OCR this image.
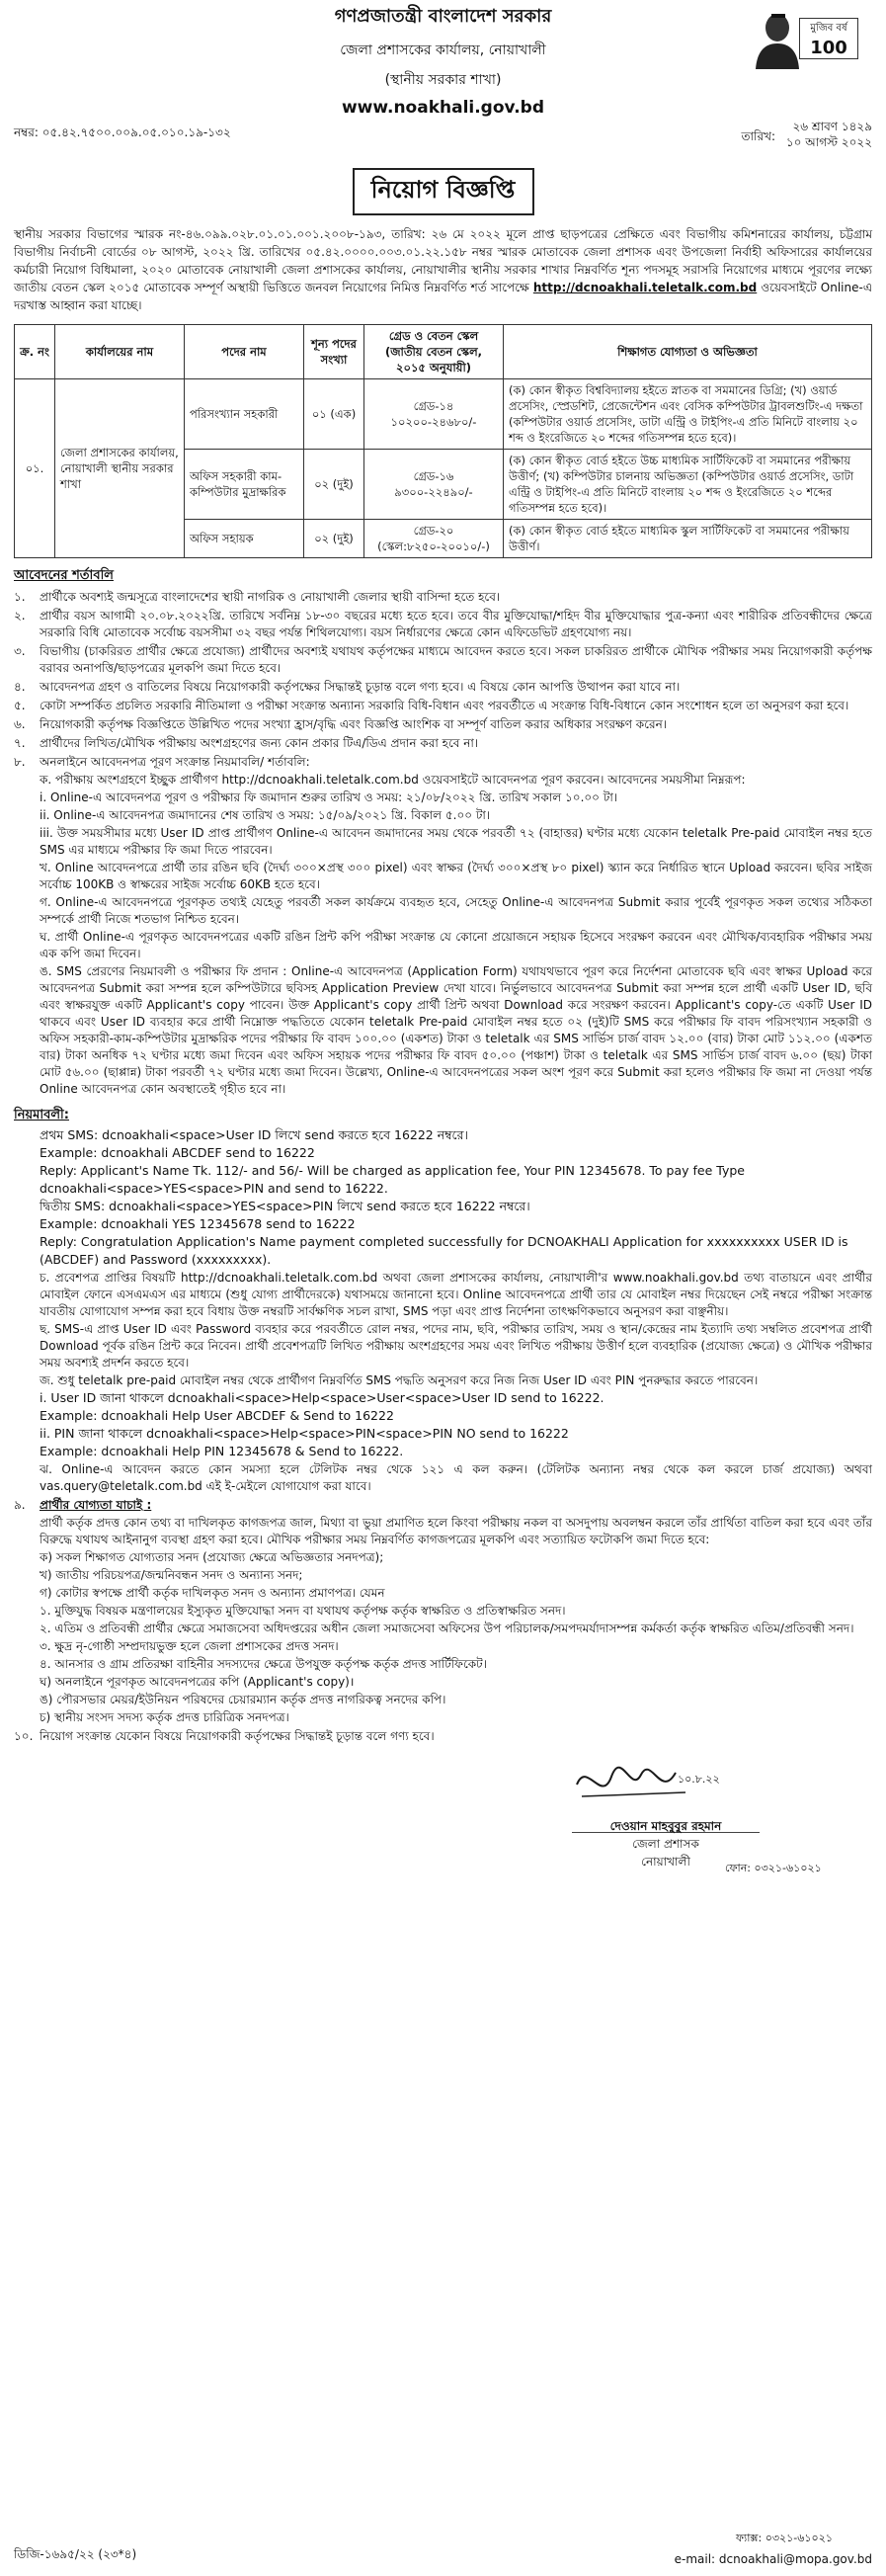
গণপ্রজাতন্ত্রী বাংলাদেশ সরকার
জেলা প্রশাসকের কার্যালয়, নোয়াখালী
(স্থানীয় সরকার শাখা)
www.noakhali.gov.bd
মুজিব বর্ষ
100
নম্বর: ০৫.৪২.৭৫০০.০০৯.০৫.০১০.১৯-১৩২	তারিখ:
২৬ শ্রাবণ ১৪২৯
১০ আগস্ট ২০২২
নিয়োগ বিজ্ঞপ্তি
স্থানীয় সরকার বিভাগের স্মারক নং-৪৬.০৯৯.০২৮.০১.০১.০০১.২০০৮-১৯৩, তারিখ: ২৬ মে ২০২২ মূলে প্রাপ্ত ছাড়পত্রের প্রেক্ষিতে এবং বিভাগীয় কমিশনারের কার্যালয়, চট্টগ্রাম বিভাগীয় নির্বাচনী বোর্ডের ০৮ আগস্ট, ২০২২ খ্রি. তারিখের ০৫.৪২.০০০০.০০৩.০১.২২.১৫৮ নম্বর স্মারক মোতাবেক জেলা প্রশাসক এবং উপজেলা নির্বাহী অফিসারের কার্যালয়ের কর্মচারী নিয়োগ বিধিমালা, ২০২০ মোতাবেক নোয়াখালী জেলা প্রশাসকের কার্যালয়, নোয়াখালীর স্থানীয় সরকার শাখার নিম্নবর্ণিত শূন্য পদসমূহ সরাসরি নিয়োগের মাধ্যমে পূরণের লক্ষ্যে জাতীয় বেতন স্কেল ২০১৫ মোতাবেক সম্পূর্ণ অস্থায়ী ভিত্তিতে জনবল নিয়োগের নিমিত্ত নিম্নবর্ণিত শর্ত সাপেক্ষে http://dcnoakhali.teletalk.com.bd ওয়েবসাইটে Online-এ দরখাস্ত আহ্বান করা যাচ্ছে।
ক্র. নং	কার্যালয়ের নাম	পদের নাম	শূন্য পদের সংখ্যা	গ্রেড ও বেতন স্কেল (জাতীয় বেতন স্কেল, ২০১৫ অনুযায়ী)	শিক্ষাগত যোগ্যতা ও অভিজ্ঞতা
০১.	জেলা প্রশাসকের কার্যালয়, নোয়াখালী স্থানীয় সরকার শাখা	পরিসংখ্যান সহকারী	০১ (এক)	গ্রেড-১৪
১০২০০-২৪৬৮০/-	(ক) কোন স্বীকৃত বিশ্ববিদ্যালয় হইতে স্নাতক বা সমমানের ডিগ্রি; (খ) ওয়ার্ড প্রসেসিং, স্প্রেডশিট, প্রেজেন্টেশন এবং বেসিক কম্পিউটার ট্রাবলশুটিং-এ দক্ষতা (কম্পিউটার ওয়ার্ড প্রসেসিং, ডাটা এন্ট্রি ও টাইপিং-এ প্রতি মিনিটে বাংলায় ২০ শব্দ ও ইংরেজিতে ২০ শব্দের গতিসম্পন্ন হতে হবে)।
		অফিস সহকারী কাম-কম্পিউটার মুদ্রাক্ষরিক	০২ (দুই)	গ্রেড-১৬
৯৩০০-২২৪৯০/-	(ক) কোন স্বীকৃত বোর্ড হইতে উচ্চ মাধ্যমিক সার্টিফিকেট বা সমমানের পরীক্ষায় উত্তীর্ণ; (খ) কম্পিউটার চালনায় অভিজ্ঞতা (কম্পিউটার ওয়ার্ড প্রসেসিং, ডাটা এন্ট্রি ও টাইপিং-এ প্রতি মিনিটে বাংলায় ২০ শব্দ ও ইংরেজিতে ২০ শব্দের গতিসম্পন্ন হতে হবে)।
		অফিস সহায়ক	০২ (দুই)	গ্রেড-২০
(স্কেল:৮২৫০-২০০১০/-)	(ক) কোন স্বীকৃত বোর্ড হইতে মাধ্যমিক স্কুল সার্টিফিকেট বা সমমানের পরীক্ষায় উত্তীর্ণ।
আবেদনের শর্তাবলি
১.	প্রার্থীকে অবশ্যই জন্মসূত্রে বাংলাদেশের স্থায়ী নাগরিক ও নোয়াখালী জেলার স্থায়ী বাসিন্দা হতে হবে।
২.	প্রার্থীর বয়স আগামী ২০.০৮.২০২২খ্রি. তারিখে সর্বনিম্ন ১৮-৩০ বছরের মধ্যে হতে হবে। তবে বীর মুক্তিযোদ্ধা/শহিদ বীর মুক্তিযোদ্ধার পুত্র-কন্যা এবং শারীরিক প্রতিবন্ধীদের ক্ষেত্রে সরকারি বিধি মোতাবেক সর্বোচ্চ বয়সসীমা ৩২ বছর পর্যন্ত শিথিলযোগ্য। বয়স নির্ধারণের ক্ষেত্রে কোন এফিডেভিট গ্রহণযোগ্য নয়।
৩.	বিভাগীয় (চাকরিরত প্রার্থীর ক্ষেত্রে প্রযোজ্য) প্রার্থীদের অবশ্যই যথাযথ কর্তৃপক্ষের মাধ্যমে আবেদন করতে হবে। সকল চাকরিরত প্রার্থীকে মৌখিক পরীক্ষার সময় নিয়োগকারী কর্তৃপক্ষ বরাবর অনাপত্তি/ছাড়পত্রের মূলকপি জমা দিতে হবে।
৪.	আবেদনপত্র গ্রহণ ও বাতিলের বিষয়ে নিয়োগকারী কর্তৃপক্ষের সিদ্ধান্তই চূড়ান্ত বলে গণ্য হবে। এ বিষয়ে কোন আপত্তি উত্থাপন করা যাবে না।
৫.	কোটা সম্পর্কিত প্রচলিত সরকারি নীতিমালা ও পরীক্ষা সংক্রান্ত অন্যান্য সরকারি বিধি-বিধান এবং পরবর্তীতে এ সংক্রান্ত বিধি-বিধানে কোন সংশোধন হলে তা অনুসরণ করা হবে।
৬.	নিয়োগকারী কর্তৃপক্ষ বিজ্ঞপ্তিতে উল্লিখিত পদের সংখ্যা হ্রাস/বৃদ্ধি এবং বিজ্ঞপ্তি আংশিক বা সম্পূর্ণ বাতিল করার অধিকার সংরক্ষণ করেন।
৭.	প্রার্থীদের লিখিত/মৌখিক পরীক্ষায় অংশগ্রহণের জন্য কোন প্রকার টিএ/ডিএ প্রদান করা হবে না।
৮.	অনলাইনে আবেদনপত্র পূরণ সংক্রান্ত নিয়মাবলি/ শর্তাবলি:
ক. পরীক্ষায় অংশগ্রহণে ইচ্ছুক প্রার্থীগণ http://dcnoakhali.teletalk.com.bd ওয়েবসাইটে আবেদনপত্র পূরণ করবেন। আবেদনের সময়সীমা নিম্নরূপ:
i. Online-এ আবেদনপত্র পূরণ ও পরীক্ষার ফি জমাদান শুরুর তারিখ ও সময়: ২১/০৮/২০২২ খ্রি. তারিখ সকাল ১০.০০ টা।
ii. Online-এ আবেদনপত্র জমাদানের শেষ তারিখ ও সময়: ১৫/০৯/২০২১ খ্রি. বিকাল ৫.০০ টা।
iii. উক্ত সময়সীমার মধ্যে User ID প্রাপ্ত প্রার্থীগণ Online-এ আবেদন জমাদানের সময় থেকে পরবর্তী ৭২ (বাহাত্তর) ঘণ্টার মধ্যে যেকোন teletalk Pre-paid মোবাইল নম্বর হতে SMS এর মাধ্যমে পরীক্ষার ফি জমা দিতে পারবেন।
খ. Online আবেদনপত্রে প্রার্থী তার রঙিন ছবি (দৈর্ঘ্য ৩০০×প্রস্থ ৩০০ pixel) এবং স্বাক্ষর (দৈর্ঘ্য ৩০০×প্রস্থ ৮০ pixel) স্ক্যান করে নির্ধারিত স্থানে Upload করবেন। ছবির সাইজ সর্বোচ্চ 100KB ও স্বাক্ষরের সাইজ সর্বোচ্চ 60KB হতে হবে।
গ. Online-এ আবেদনপত্রে পূরণকৃত তথ্যই যেহেতু পরবর্তী সকল কার্যক্রমে ব্যবহৃত হবে, সেহেতু Online-এ আবেদনপত্র Submit করার পূর্বেই পূরণকৃত সকল তথ্যের সঠিকতা সম্পর্কে প্রার্থী নিজে শতভাগ নিশ্চিত হবেন।
ঘ. প্রার্থী Online-এ পূরণকৃত আবেদনপত্রের একটি রঙিন প্রিন্ট কপি পরীক্ষা সংক্রান্ত যে কোনো প্রয়োজনে সহায়ক হিসেবে সংরক্ষণ করবেন এবং মৌখিক/ব্যবহারিক পরীক্ষার সময় এক কপি জমা দিবেন।
ঙ. SMS প্রেরণের নিয়মাবলী ও পরীক্ষার ফি প্রদান : Online-এ আবেদনপত্র (Application Form) যথাযথভাবে পূরণ করে নির্দেশনা মোতাবেক ছবি এবং স্বাক্ষর Upload করে আবেদনপত্র Submit করা সম্পন্ন হলে কম্পিউটারে ছবিসহ Application Preview দেখা যাবে। নির্ভুলভাবে আবেদনপত্র Submit করা সম্পন্ন হলে প্রার্থী একটি User ID, ছবি এবং স্বাক্ষরযুক্ত একটি Applicant's copy পাবেন। উক্ত Applicant's copy প্রার্থী প্রিন্ট অথবা Download করে সংরক্ষণ করবেন। Applicant's copy-তে একটি User ID থাকবে এবং User ID ব্যবহার করে প্রার্থী নিম্নোক্ত পদ্ধতিতে যেকোন teletalk Pre-paid মোবাইল নম্বর হতে ০২ (দুই)টি SMS করে পরীক্ষার ফি বাবদ পরিসংখ্যান সহকারী ও অফিস সহকারী-কাম-কম্পিউটার মুদ্রাক্ষরিক পদের পরীক্ষার ফি বাবদ ১০০.০০ (একশত) টাকা ও teletalk এর SMS সার্ভিস চার্জ বাবদ ১২.০০ (বার) টাকা মোট ১১২.০০ (একশত বার) টাকা অনধিক ৭২ ঘণ্টার মধ্যে জমা দিবেন এবং অফিস সহায়ক পদের পরীক্ষার ফি বাবদ ৫০.০০ (পঞ্চাশ) টাকা ও teletalk এর SMS সার্ভিস চার্জ বাবদ ৬.০০ (ছয়) টাকা মোট ৫৬.০০ (ছাপ্পান্ন) টাকা পরবর্তী ৭২ ঘণ্টার মধ্যে জমা দিবেন। উল্লেখ্য, Online-এ আবেদনপত্রের সকল অংশ পূরণ করে Submit করা হলেও পরীক্ষার ফি জমা না দেওয়া পর্যন্ত Online আবেদনপত্র কোন অবস্থাতেই গৃহীত হবে না।
নিয়মাবলী:
প্রথম SMS: dcnoakhali<space>User ID লিখে send করতে হবে 16222 নম্বরে।
Example: dcnoakhali ABCDEF send to 16222
Reply: Applicant's Name Tk. 112/- and 56/- Will be charged as application fee, Your PIN 12345678. To pay fee Type dcnoakhali<space>YES<space>PIN and send to 16222.
দ্বিতীয় SMS: dcnoakhali<space>YES<space>PIN লিখে send করতে হবে 16222 নম্বরে।
Example: dcnoakhali YES 12345678 send to 16222
Reply: Congratulation Application's Name payment completed successfully for DCNOAKHALI Application for xxxxxxxxxx USER ID is (ABCDEF) and Password (xxxxxxxxx).
চ. প্রবেশপত্র প্রাপ্তির বিষয়টি http://dcnoakhali.teletalk.com.bd অথবা জেলা প্রশাসকের কার্যালয়, নোয়াখালী'র www.noakhali.gov.bd তথ্য বাতায়নে এবং প্রার্থীর মোবাইল ফোনে এসএমএস এর মাধ্যমে (শুধু যোগ্য প্রার্থীদেরকে) যথাসময়ে জানানো হবে। Online আবেদনপত্রে প্রার্থী তার যে মোবাইল নম্বর দিয়েছেন সেই নম্বরে পরীক্ষা সংক্রান্ত যাবতীয় যোগাযোগ সম্পন্ন করা হবে বিধায় উক্ত নম্বরটি সার্বক্ষণিক সচল রাখা, SMS পড়া এবং প্রাপ্ত নির্দেশনা তাৎক্ষণিকভাবে অনুসরণ করা বাঞ্ছনীয়।
ছ. SMS-এ প্রাপ্ত User ID এবং Password ব্যবহার করে পরবর্তীতে রোল নম্বর, পদের নাম, ছবি, পরীক্ষার তারিখ, সময় ও স্থান/কেন্দ্রের নাম ইত্যাদি তথ্য সম্বলিত প্রবেশপত্র প্রার্থী Download পূর্বক রঙিন প্রিন্ট করে নিবেন। প্রার্থী প্রবেশপত্রটি লিখিত পরীক্ষায় অংশগ্রহণের সময় এবং লিখিত পরীক্ষায় উত্তীর্ণ হলে ব্যবহারিক (প্রযোজ্য ক্ষেত্রে) ও মৌখিক পরীক্ষার সময় অবশ্যই প্রদর্শন করতে হবে।
জ. শুধু teletalk pre-paid মোবাইল নম্বর থেকে প্রার্থীগণ নিম্নবর্ণিত SMS পদ্ধতি অনুসরণ করে নিজ নিজ User ID এবং PIN পুনরুদ্ধার করতে পারবেন।
i. User ID জানা থাকলে dcnoakhali<space>Help<space>User<space>User ID send to 16222.
Example: dcnoakhali Help User ABCDEF & Send to 16222
ii. PIN জানা থাকলে dcnoakhali<space>Help<space>PIN<space>PIN NO send to 16222
Example: dcnoakhali Help PIN 12345678 & Send to 16222.
ঝ. Online-এ আবেদন করতে কোন সমস্যা হলে টেলিটক নম্বর থেকে ১২১ এ কল করুন। (টেলিটক অন্যান্য নম্বর থেকে কল করলে চার্জ প্রযোজ্য) অথবা vas.query@teletalk.com.bd এই ই-মেইলে যোগাযোগ করা যাবে।
৯.	প্রার্থীর যোগ্যতা যাচাই :
প্রার্থী কর্তৃক প্রদত্ত কোন তথ্য বা দাখিলকৃত কাগজপত্র জাল, মিথ্যা বা ভুয়া প্রমাণিত হলে কিংবা পরীক্ষায় নকল বা অসদুপায় অবলম্বন করলে তাঁর প্রার্থিতা বাতিল করা হবে এবং তাঁর বিরুদ্ধে যথাযথ আইনানুগ ব্যবস্থা গ্রহণ করা হবে। মৌখিক পরীক্ষার সময় নিম্নবর্ণিত কাগজপত্রের মূলকপি এবং সত্যায়িত ফটোকপি জমা দিতে হবে:
ক) সকল শিক্ষাগত যোগ্যতার সনদ (প্রযোজ্য ক্ষেত্রে অভিজ্ঞতার সনদপত্র);
খ) জাতীয় পরিচয়পত্র/জন্মনিবন্ধন সনদ ও অন্যান্য সনদ;
গ) কোটার স্বপক্ষে প্রার্থী কর্তৃক দাখিলকৃত সনদ ও অন্যান্য প্রমাণপত্র। যেমন
১. মুক্তিযুদ্ধ বিষয়ক মন্ত্রণালয়ের ইস্যুকৃত মুক্তিযোদ্ধা সনদ বা যথাযথ কর্তৃপক্ষ কর্তৃক স্বাক্ষরিত ও প্রতিস্বাক্ষরিত সনদ।
২. এতিম ও প্রতিবন্ধী প্রার্থীর ক্ষেত্রে সমাজসেবা অধিদপ্তরের অধীন জেলা সমাজসেবা অফিসের উপ পরিচালক/সমপদমর্যাদাসম্পন্ন কর্মকর্তা কর্তৃক স্বাক্ষরিত এতিম/প্রতিবন্ধী সনদ।
৩. ক্ষুদ্র নৃ-গোষ্ঠী সম্প্রদায়ভুক্ত হলে জেলা প্রশাসকের প্রদত্ত সনদ।
৪. আনসার ও গ্রাম প্রতিরক্ষা বাহিনীর সদস্যদের ক্ষেত্রে উপযুক্ত কর্তৃপক্ষ কর্তৃক প্রদত্ত সার্টিফিকেট।
ঘ) অনলাইনে পূরণকৃত আবেদনপত্রের কপি (Applicant's copy)।
ঙ) পৌরসভার মেয়র/ইউনিয়ন পরিষদের চেয়ারম্যান কর্তৃক প্রদত্ত নাগরিকত্ব সনদের কপি।
চ) স্থানীয় সংসদ সদস্য কর্তৃক প্রদত্ত চারিত্রিক সনদপত্র।
১০. নিয়োগ সংক্রান্ত যেকোন বিষয়ে নিয়োগকারী কর্তৃপক্ষের সিদ্ধান্তই চূড়ান্ত বলে গণ্য হবে।
১০.৮.২২
দেওয়ান মাহবুবুর রহমান
জেলা প্রশাসক
নোয়াখালী	ফোন: ০৩২১-৬১০২১
ডিজি-১৬৯৫/২২ (২৩*৪)
ফ্যাক্স: ০৩২১-৬১০২১
e-mail: dcnoakhali@mopa.gov.bd
